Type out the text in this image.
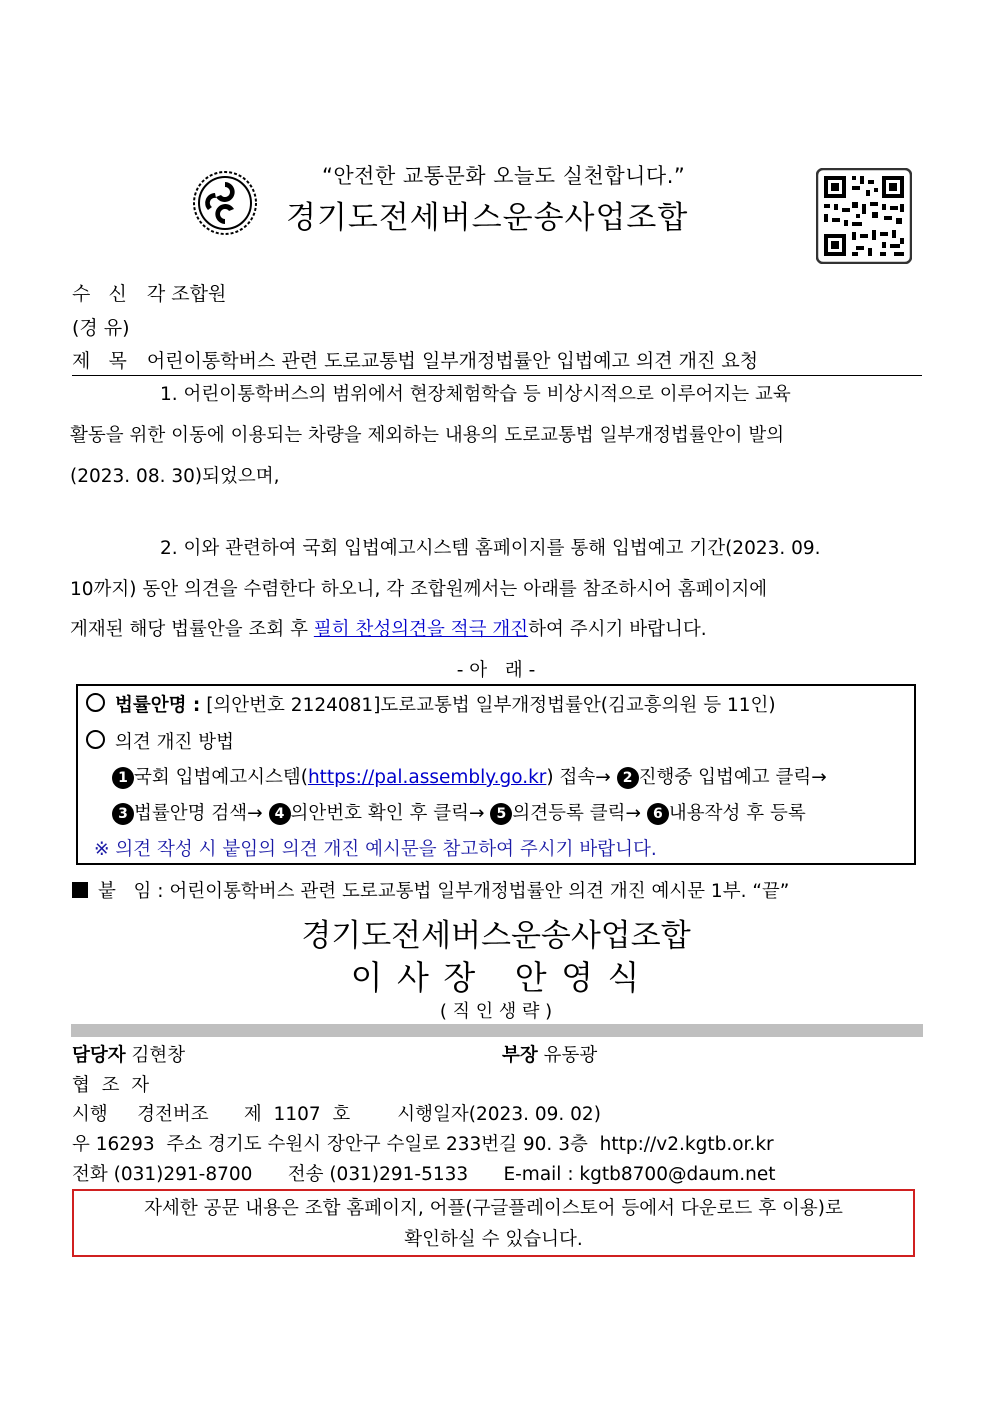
“안전한 교통문화 오늘도 실천합니다.”
경기도전세버스운송사업조합
수   신 각 조합원
(경 유)
제   목 어린이통학버스 관련 도로교통법 일부개정법률안 입법예고 의견 개진 요청
1. 어린이통학버스의 범위에서 현장체험학습 등 비상시적으로 이루어지는 교육
활동을 위한 이동에 이용되는 차량을 제외하는 내용의 도로교통법 일부개정법률안이 발의
(2023. 08. 30)되었으며,
2. 이와 관련하여 국회 입법예고시스템 홈페이지를 통해 입법예고 기간(2023. 09.
10까지) 동안 의견을 수렴한다 하오니, 각 조합원께서는 아래를 참조하시어 홈페이지에
게재된 해당 법률안을 조회 후 필히 찬성의견을 적극 개진하여 주시기 바랍니다.
- 아   래 -
법률안명 : [의안번호 2124081]도로교통법 일부개정법률안(김교흥의원 등 11인)
의견 개진 방법
1 국회 입법예고시스템(https://pal.assembly.go.kr) 접속→ 2 진행중 입법예고 클릭→
3 법률안명 검색→ 4 의안번호 확인 후 클릭→ 5 의견등록 클릭→ 6 내용작성 후 등록
※ 의견 작성 시 붙임의 의견 개진 예시문을 참고하여 주시기 바랍니다.
붙   임 : 어린이통학버스 관련 도로교통법 일부개정법률안 의견 개진 예시문 1부. “끝”
경기도전세버스운송사업조합
이 사 장   안 영 식
( 직 인 생 략 )
담당자 김현창	부장 유동광
협  조  자
시행     경전버조      제  1107  호        시행일자(2023. 09. 02)
우 16293  주소 경기도 수원시 장안구 수일로 233번길 90. 3층  http://v2.kgtb.or.kr
전화 (031)291-8700      전송 (031)291-5133      E-mail : kgtb8700@daum.net
자세한 공문 내용은 조합 홈페이지, 어플(구글플레이스토어 등에서 다운로드 후 이용)로
확인하실 수 있습니다.
